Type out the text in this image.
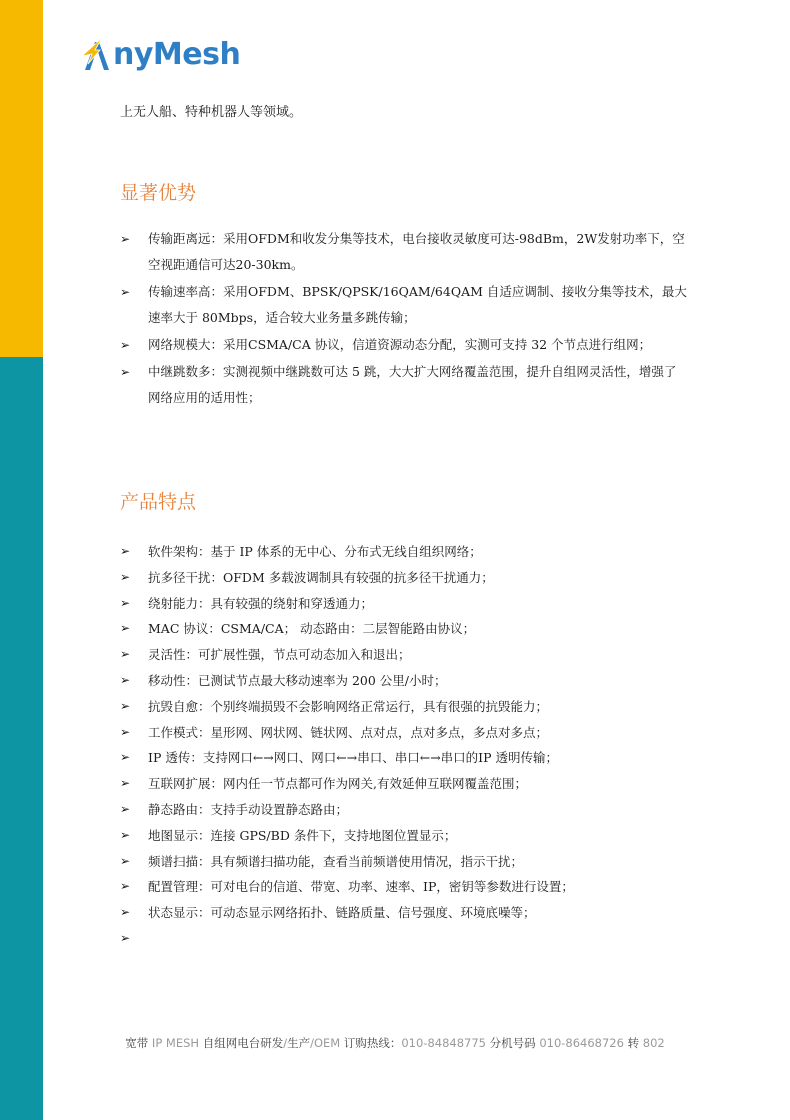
nyMesh
上无人船、特种机器人等领域。
显著优势
➢ 传输距离远：采用OFDM和收发分集等技术，电台接收灵敏度可达-98dBm，2W发射功率下，空空视距通信可达20-30km。
➢ 传输速率高：采用OFDM、BPSK/QPSK/16QAM/64QAM 自适应调制、接收分集等技术，最大速率大于 80Mbps，适合较大业务量多跳传输；
➢ 网络规模大：采用CSMA/CA 协议，信道资源动态分配，实测可支持 32 个节点进行组网；
➢ 中继跳数多：实测视频中继跳数可达 5 跳，大大扩大网络覆盖范围，提升自组网灵活性，增强了网络应用的适用性；
产品特点
➢ 软件架构：基于 IP 体系的无中心、分布式无线自组织网络；
➢ 抗多径干扰：OFDM 多载波调制具有较强的抗多径干扰通力；
➢ 绕射能力：具有较强的绕射和穿透通力；
➢ MAC 协议：CSMA/CA； 动态路由：二层智能路由协议；
➢ 灵活性：可扩展性强，节点可动态加入和退出；
➢ 移动性：已测试节点最大移动速率为 200 公里/小时；
➢ 抗毁自愈：个别终端损毁不会影响网络正常运行，具有很强的抗毁能力；
➢ 工作模式：星形网、网状网、链状网、点对点，点对多点，多点对多点；
➢ IP 透传：支持网口←→网口、网口←→串口、串口←→串口的IP 透明传输；
➢ 互联网扩展：网内任一节点都可作为网关,有效延伸互联网覆盖范围；
➢ 静态路由：支持手动设置静态路由；
➢ 地图显示：连接 GPS/BD 条件下，支持地图位置显示；
➢ 频谱扫描：具有频谱扫描功能，查看当前频谱使用情况，指示干扰；
➢ 配置管理：可对电台的信道、带宽、功率、速率、IP，密钥等参数进行设置；
➢ 状态显示：可动态显示网络拓扑、链路质量、信号强度、环境底噪等；
➢
宽带 IP MESH 自组网电台研发/生产/OEM 订购热线：010-84848775 分机号码 010-86468726 转 802
